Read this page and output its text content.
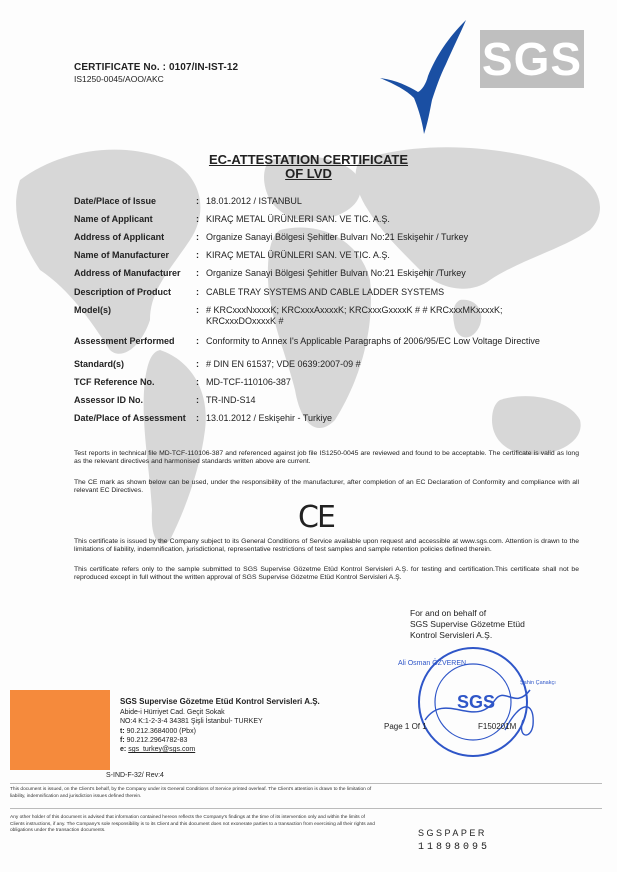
CERTIFICATE No. : 0107/IN-IST-12
IS1250-0045/AOO/AKC	SGS
EC-ATTESTATION CERTIFICATE
OF LVD
Date/Place of Issue	: 18.01.2012 / ISTANBUL
Name of Applicant	: KIRAÇ METAL ÜRÜNLERI SAN. VE TIC. A.Ş.
Address of Applicant	: Organize Sanayi Bölgesi Şehitler Bulvarı No:21 Eskişehir / Turkey
Name of Manufacturer	: KIRAÇ METAL ÜRÜNLERI SAN. VE TIC. A.Ş.
Address of Manufacturer	: Organize Sanayi Bölgesi Şehitler Bulvarı No:21 Eskişehir /Turkey
Description of Product	: CABLE TRAY SYSTEMS AND CABLE LADDER SYSTEMS
Model(s)	: # KRCxxxNxxxxK; KRCxxxAxxxxK; KRCxxxGxxxxK # # KRCxxxMKxxxxK; KRCxxxDOxxxxK #
Assessment Performed	: Conformity to Annex I's Applicable Paragraphs of 2006/95/EC Low Voltage Directive
Standard(s)	: # DIN EN 61537; VDE 0639:2007-09 #
TCF Reference No.	: MD-TCF-110106-387
Assessor ID No.	: TR-IND-S14
Date/Place of Assessment	: 13.01.2012 / Eskişehir - Turkiye
Test reports in technical file MD-TCF-110106-387 and referenced against job file IS1250-0045 are reviewed and found to be acceptable. The certificate is valid as long as the relevant directives and harmonised standards written above are current.
The CE mark as shown below can be used, under the responsibility of the manufacturer, after completion of an EC Declaration of Conformity and compliance with all relevant EC Directives.
CE
This certificate is issued by the Company subject to its General Conditions of Service available upon request and accessible at www.sgs.com. Attention is drawn to the limitations of liability, indemnification, jurisdictional, representative restrictions of test samples and sample retention policies defined therein.
This certificate refers only to the sample submitted to SGS Supervise Gözetme Etüd Kontrol Servisleri A.Ş. for testing and certification.This certificate shall not be reproduced except in full without the written approval of SGS Supervise Gözetme Etüd Kontrol Servisleri A.Ş.
For and on behalf of
SGS Supervise Gözetme Etüd
Kontrol Servisleri A.Ş.
SGS
Ali Osman ÖZVEREN
Şahin Çanakçı
SGS Supervise Gözetme Etüd Kontrol Servisleri A.Ş.
Abide-i Hürriyet Cad. Geçit Sokak
NO:4 K:1-2-3-4 34381 Şişli İstanbul- TURKEY
t: 90.212.3684000 (Pbx)
f: 90.212.2964782-83
e: sgs_turkey@sgs.com
Page 1 Of 1	F150201M
S-IND-F-32/ Rev:4
This document is issued, on the Client's behalf, by the Company under its General Conditions of Service printed overleaf. The Client's attention is drawn to the limitation of liability, indemnification and jurisdiction issues defined therein.
Any other holder of this document is advised that information contained hereon reflects the Company's findings at the time of its intervention only and within the limits of Clients instructions, if any. The Company's sole responsibility is to its Client and this document does not exonerate parties to a transaction from exercising all their rights and obligations under the transaction documents.	SGSPAPER
11898095
